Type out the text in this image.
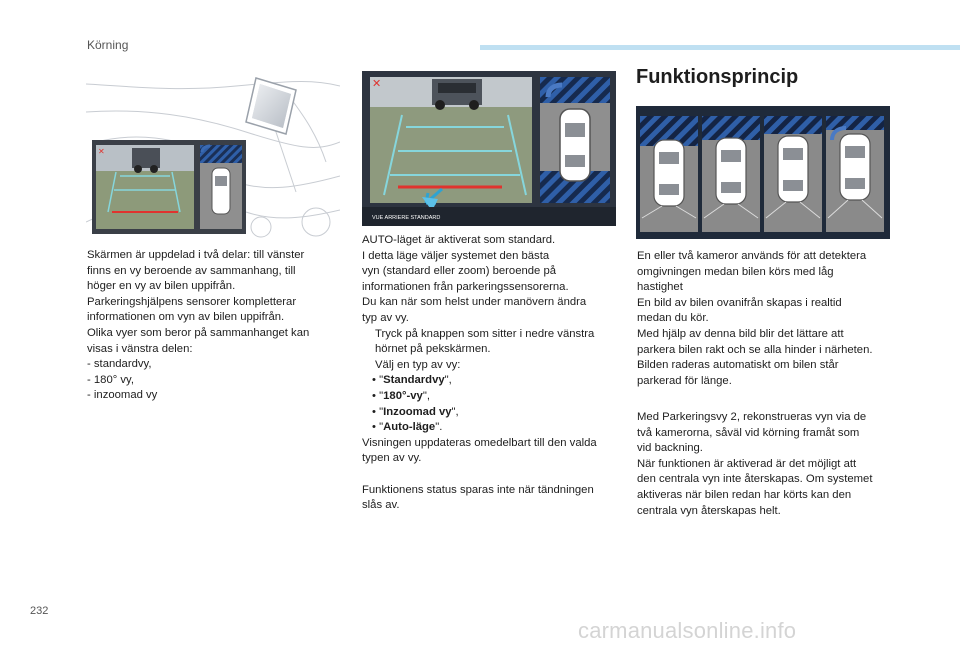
Körning
✕
✕
VUE ARRIERE STANDARD

Skärmen är uppdelad i två delar: till vänster

finns en vy beroende av sammanhang, till

höger en vy av bilen uppifrån.

Parkeringshjälpens sensorer kompletterar

informationen om vyn av bilen uppifrån.

Olika vyer som beror på sammanhanget kan

visas i vänstra delen:

- standardvy,

- 180° vy,

- inzoomad vy

AUTO-läget är aktiverat som standard.

I detta läge väljer systemet den bästa

vyn (standard eller zoom) beroende på

informationen från parkeringssensorerna.

Du kan när som helst under manövern ändra

typ av vy.

Tryck på knappen som sitter i nedre vänstra
hörnet på pekskärmen.
Välj en typ av vy:
• "Standardvy",
• "180°-vy",
• "Inzoomad vy",
• "Auto-läge".

Visningen uppdateras omedelbart till den valda

typen av vy.

Funktionens status sparas inte när tändningen

slås av.

Funktionsprincip

En eller två kameror används för att detektera

omgivningen medan bilen körs med låg

hastighet

En bild av bilen ovanifrån skapas i realtid

medan du kör.

Med hjälp av denna bild blir det lättare att

parkera bilen rakt och se alla hinder i närheten.

Bilden raderas automatiskt om bilen står

parkerad för länge.

Med Parkeringsvy 2, rekonstrueras vyn via de

två kamerorna, såväl vid körning framåt som

vid backning.

När funktionen är aktiverad är det möjligt att

den centrala vyn inte återskapas. Om systemet

aktiveras när bilen redan har körts kan den

centrala vyn återskapas helt.

232
carmanualsonline.info
